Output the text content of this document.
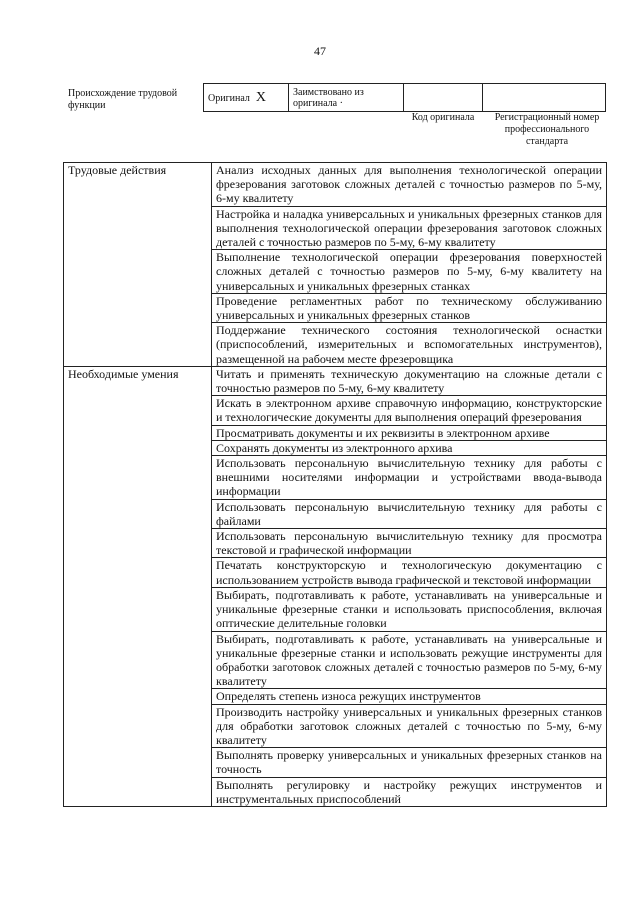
47
Происхождение трудовой функции
Оригинал X	Заимствовано из оригинала ·		
Код оригинала	Регистрационный номер профессионального стандарта
Трудовые действия	Анализ исходных данных для выполнения технологической операции фрезерования заготовок сложных деталей с точностью размеров по 5-му, 6-му квалитету
	Настройка и наладка универсальных и уникальных фрезерных станков для выполнения технологической операции фрезерования заготовок сложных деталей с точностью размеров по 5-му, 6-му квалитету
	Выполнение технологической операции фрезерования поверхностей сложных деталей с точностью размеров по 5-му, 6-му квалитету на универсальных и уникальных фрезерных станках
	Проведение регламентных работ по техническому обслуживанию универсальных и уникальных фрезерных станков
	Поддержание технического состояния технологической оснастки (приспособлений, измерительных и вспомогательных инструментов), размещенной на рабочем месте фрезеровщика
Необходимые умения	Читать и применять техническую документацию на сложные детали с точностью размеров по 5-му, 6-му квалитету
	Искать в электронном архиве справочную информацию, конструкторские и технологические документы для выполнения операций фрезерования
	Просматривать документы и их реквизиты в электронном архиве
	Сохранять документы из электронного архива
	Использовать персональную вычислительную технику для работы с внешними носителями информации и устройствами ввода-вывода информации
	Использовать персональную вычислительную технику для работы с файлами
	Использовать персональную вычислительную технику для просмотра текстовой и графической информации
	Печатать конструкторскую и технологическую документацию с использованием устройств вывода графической и текстовой информации
	Выбирать, подготавливать к работе, устанавливать на универсальные и уникальные фрезерные станки и использовать приспособления, включая оптические делительные головки
	Выбирать, подготавливать к работе, устанавливать на универсальные и уникальные фрезерные станки и использовать режущие инструменты для обработки заготовок сложных деталей с точностью размеров по 5-му, 6-му квалитету
	Определять степень износа режущих инструментов
	Производить настройку универсальных и уникальных фрезерных станков для обработки заготовок сложных деталей с точностью по 5-му, 6-му квалитету
	Выполнять проверку универсальных и уникальных фрезерных станков на точность
	Выполнять регулировку и настройку режущих инструментов и инструментальных приспособлений
